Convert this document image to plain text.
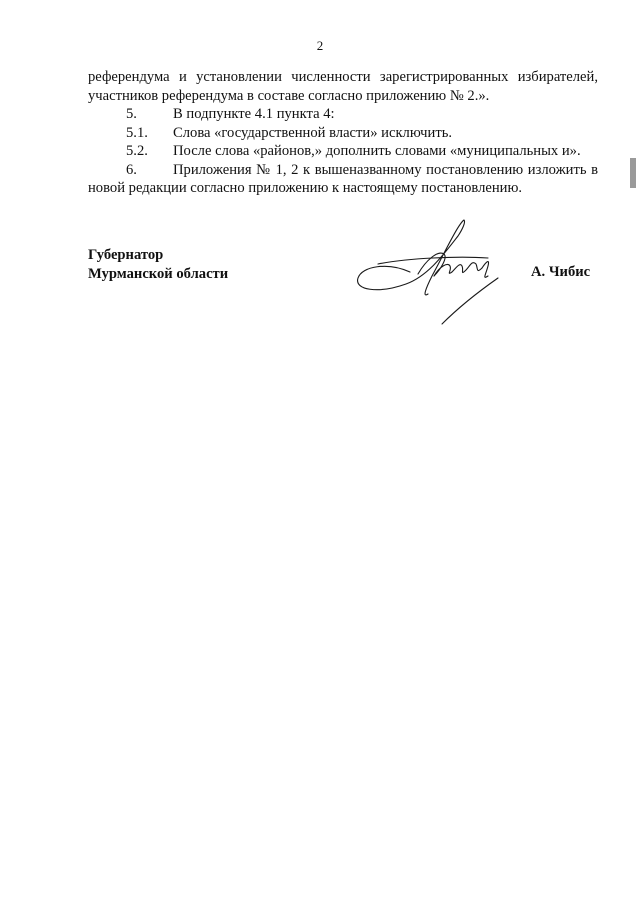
2
референдума и установлении численности зарегистрированных избирателей,
участников референдума в составе согласно приложению № 2.».
5.	В подпункте 4.1 пункта 4:
5.1.	Слова «государственной власти» исключить.
5.2.	После слова «районов,» дополнить словами «муниципальных и».
6.	Приложения № 1, 2 к вышеназванному постановлению изложить в
новой редакции согласно приложению к настоящему постановлению.
Губернатор
Мурманской области	А. Чибис
